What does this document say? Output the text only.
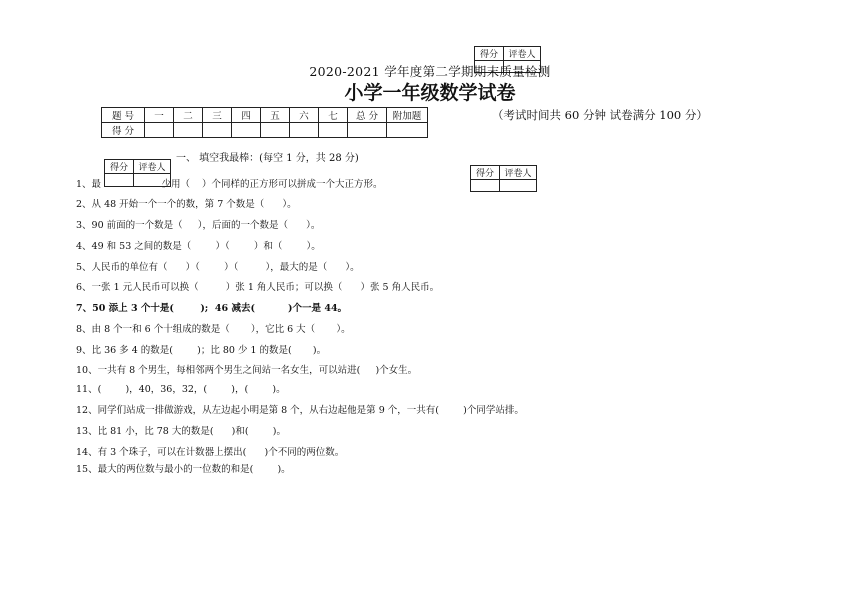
得分	评卷人

2020-2021 学年度第二学期期末质量检测
小学一年级数学试卷
题 号	一	二	三	四	五	六	七	总 分	附加题
得 分									
（考试时间共 60 分钟 试卷满分 100 分）
一、 填空我最棒：(每空 1 分，共 28 分)
得分	评卷人

得分	评卷人

1、最                    少用（    ）个同样的正方形可以拼成一个大正方形。
2、从 48 开始一个一个的数，第 7 个数是（      ）。
3、90 前面的一个数是（     ），后面的一个数是（      ）。
4、49 和 53 之间的数是（        ）（        ）和（        ）。
5、人民币的单位有（      ）（        ）（         ），最大的是（      ）。
6、一张 1 元人民币可以换（         ）张 1 角人民币；可以换（      ）张 5 角人民币。
7、50 添上 3 个十是(        );  46 减去(          )个一是 44。
8、由 8 个一和 6 个十组成的数是（       ），它比 6 大（       ）。
9、比 36 多 4 的数是(        )；比 80 少 1 的数是(       )。
10、一共有 8 个男生，每相邻两个男生之间站一名女生，可以站进(     )个女生。
11、(        )，40，36，32，(        )，(        )。
12、同学们站成一排做游戏，从左边起小明是第 8 个，从右边起他是第 9 个，一共有(        )个同学站排。
13、比 81 小，比 78 大的数是(      )和(        )。
14、有 3 个珠子，可以在计数器上摆出(      )个不同的两位数。
15、最大的两位数与最小的一位数的和是(        )。
